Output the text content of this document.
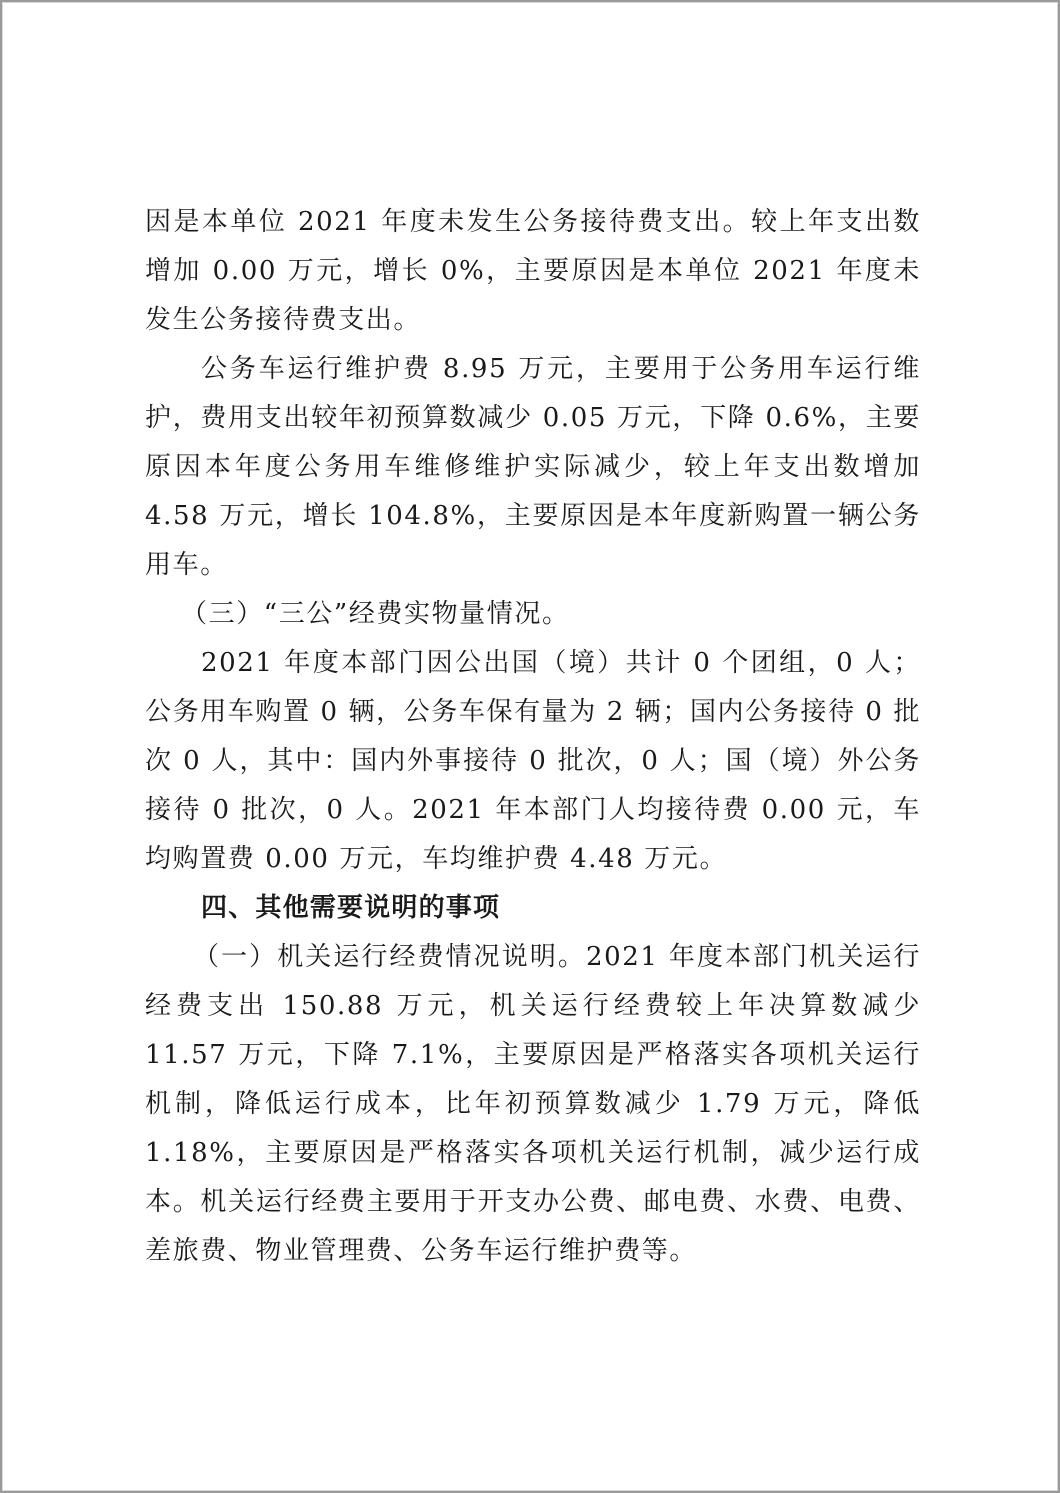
因是本单位 2021 年度未发生公务接待费支出。较上年支出数增加 0.00 万元，增长 0%，主要原因是本单位 2021 年度未发生公务接待费支出。

公务车运行维护费 8.95 万元，主要用于公务用车运行维护，费用支出较年初预算数减少 0.05 万元，下降 0.6%，主要原因本年度公务用车维修维护实际减少，较上年支出数增加 4.58 万元，增长 104.8%，主要原因是本年度新购置一辆公务用车。

（三）“三公”经费实物量情况。

2021 年度本部门因公出国（境）共计 0 个团组，0 人；公务用车购置 0 辆，公务车保有量为 2 辆；国内公务接待 0 批次 0 人，其中：国内外事接待 0 批次，0 人；国（境）外公务接待 0 批次，0 人。2021 年本部门人均接待费 0.00 元，车均购置费 0.00 万元，车均维护费 4.48 万元。

四、其他需要说明的事项

（一）机关运行经费情况说明。2021 年度本部门机关运行经费支出 150.88 万元，机关运行经费较上年决算数减少 11.57 万元，下降 7.1%，主要原因是严格落实各项机关运行机制，降低运行成本，比年初预算数减少 1.79 万元，降低 1.18%，主要原因是严格落实各项机关运行机制，减少运行成本。机关运行经费主要用于开支办公费、邮电费、水费、电费、差旅费、物业管理费、公务车运行维护费等。
